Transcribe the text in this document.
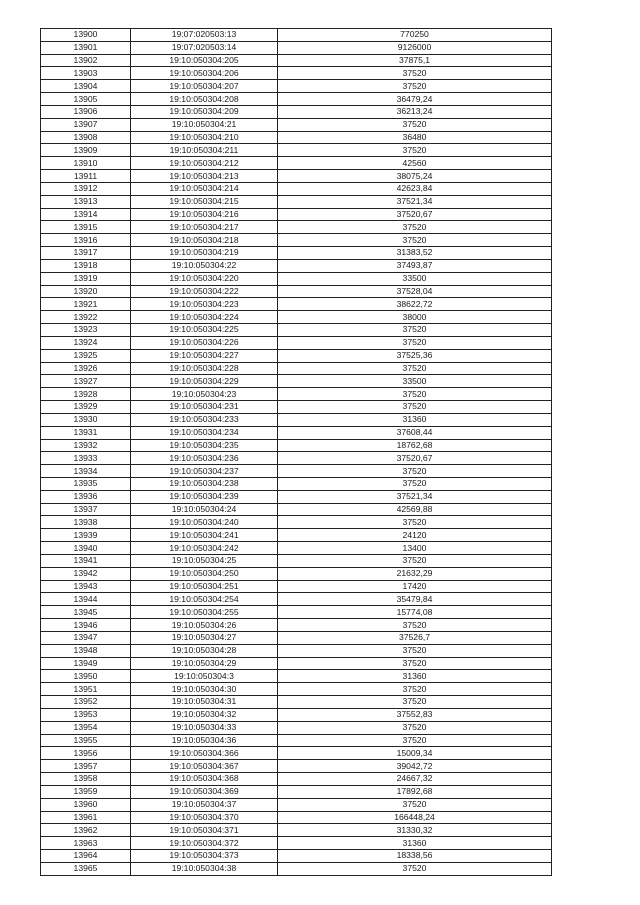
13900	19:07:020503:13	770250
13901	19:07:020503:14	9126000
13902	19:10:050304:205	37875,1
13903	19:10:050304:206	37520
13904	19:10:050304:207	37520
13905	19:10:050304:208	36479,24
13906	19:10:050304:209	36213,24
13907	19:10:050304:21	37520
13908	19:10:050304:210	36480
13909	19:10:050304:211	37520
13910	19:10:050304:212	42560
13911	19:10:050304:213	38075,24
13912	19:10:050304:214	42623,84
13913	19:10:050304:215	37521,34
13914	19:10:050304:216	37520,67
13915	19:10:050304:217	37520
13916	19:10:050304:218	37520
13917	19:10:050304:219	31383,52
13918	19:10:050304:22	37493,87
13919	19:10:050304:220	33500
13920	19:10:050304:222	37528,04
13921	19:10:050304:223	38622,72
13922	19:10:050304:224	38000
13923	19:10:050304:225	37520
13924	19:10:050304:226	37520
13925	19:10:050304:227	37525,36
13926	19:10:050304:228	37520
13927	19:10:050304:229	33500
13928	19:10:050304:23	37520
13929	19:10:050304:231	37520
13930	19:10:050304:233	31360
13931	19:10:050304:234	37608,44
13932	19:10:050304:235	18762,68
13933	19:10:050304:236	37520,67
13934	19:10:050304:237	37520
13935	19:10:050304:238	37520
13936	19:10:050304:239	37521,34
13937	19:10:050304:24	42569,88
13938	19:10:050304:240	37520
13939	19:10:050304:241	24120
13940	19:10:050304:242	13400
13941	19:10:050304:25	37520
13942	19:10:050304:250	21632,29
13943	19:10:050304:251	17420
13944	19:10:050304:254	35479,84
13945	19:10:050304:255	15774,08
13946	19:10:050304:26	37520
13947	19:10:050304:27	37526,7
13948	19:10:050304:28	37520
13949	19:10:050304:29	37520
13950	19:10:050304:3	31360
13951	19:10:050304:30	37520
13952	19:10:050304:31	37520
13953	19:10:050304:32	37552,83
13954	19:10:050304:33	37520
13955	19:10:050304:36	37520
13956	19:10:050304:366	15009,34
13957	19:10:050304:367	39042,72
13958	19:10:050304:368	24667,32
13959	19:10:050304:369	17892,68
13960	19:10:050304:37	37520
13961	19:10:050304:370	166448,24
13962	19:10:050304:371	31330,32
13963	19:10:050304:372	31360
13964	19:10:050304:373	18338,56
13965	19:10:050304:38	37520
